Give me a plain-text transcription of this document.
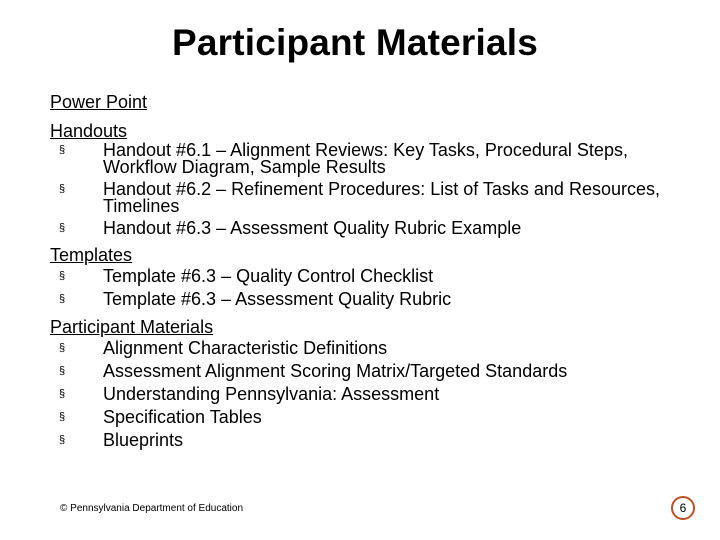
Participant Materials
Power Point
Handouts
§ Handout #6.1 – Alignment Reviews: Key Tasks, Procedural Steps, Workflow Diagram, Sample Results
§ Handout #6.2 – Refinement Procedures: List of Tasks and Resources, Timelines
§ Handout #6.3 – Assessment Quality Rubric Example
Templates
§ Template #6.3 – Quality Control Checklist
§ Template #6.3 – Assessment Quality Rubric
Participant Materials
§ Alignment Characteristic Definitions
§ Assessment Alignment Scoring Matrix/Targeted Standards
§ Understanding Pennsylvania: Assessment
§ Specification Tables
§ Blueprints
© Pennsylvania Department of Education	6
